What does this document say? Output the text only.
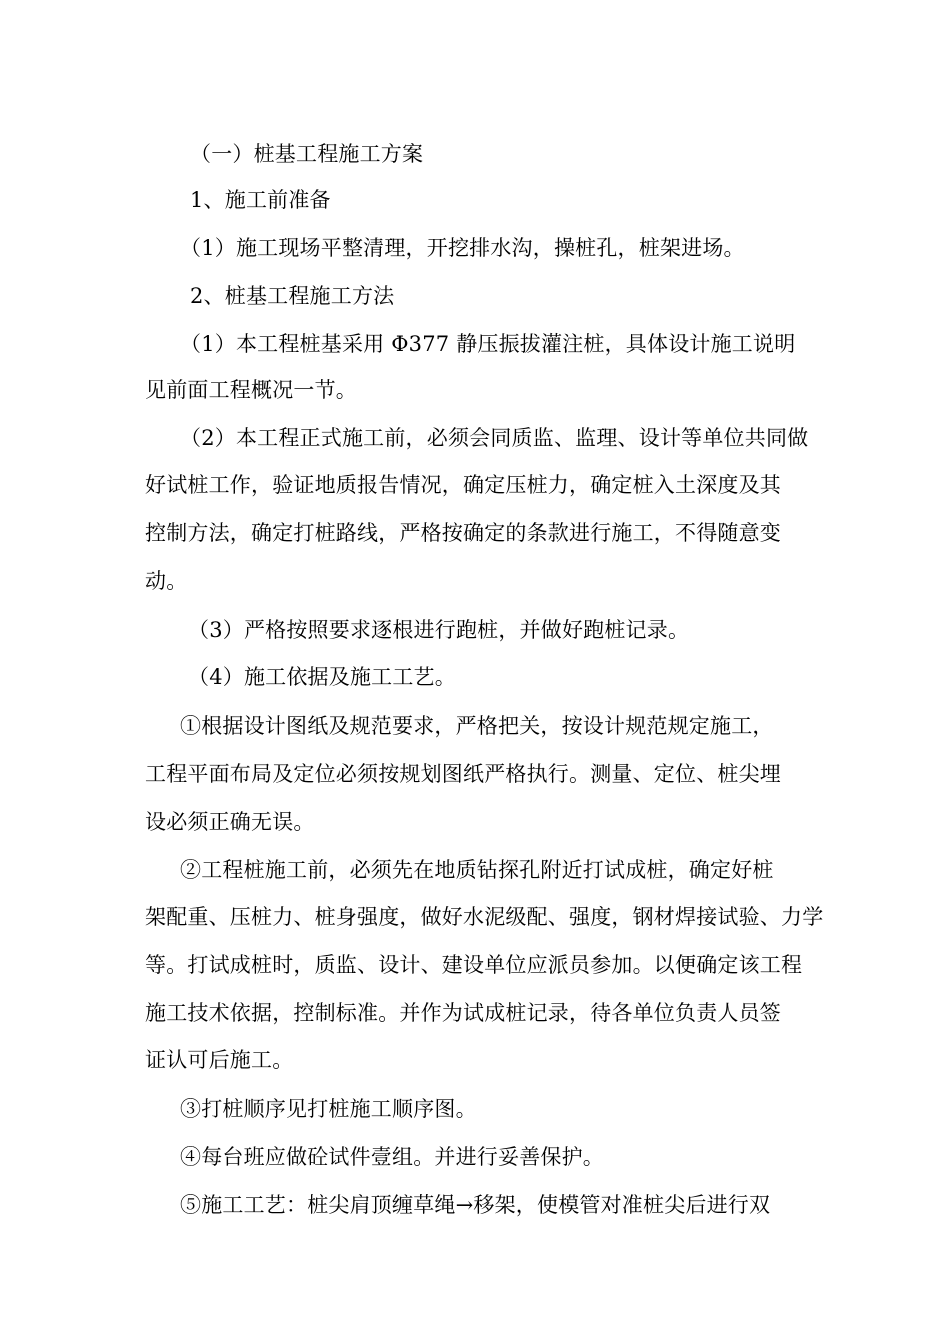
（一）桩基工程施工方案
1、施工前准备
（1）施工现场平整清理，开挖排水沟，操桩孔，桩架进场。
2、桩基工程施工方法
（1）本工程桩基采用 Φ377 静压振拔灌注桩，具体设计施工说明
见前面工程概况一节。
（2）本工程正式施工前，必须会同质监、监理、设计等单位共同做
好试桩工作，验证地质报告情况，确定压桩力，确定桩入土深度及其
控制方法，确定打桩路线，严格按确定的条款进行施工，不得随意变
动。
（3）严格按照要求逐根进行跑桩，并做好跑桩记录。
（4）施工依据及施工工艺。
①根据设计图纸及规范要求，严格把关，按设计规范规定施工，
工程平面布局及定位必须按规划图纸严格执行。测量、定位、桩尖埋
设必须正确无误。
②工程桩施工前，必须先在地质钻探孔附近打试成桩，确定好桩
架配重、压桩力、桩身强度，做好水泥级配、强度，钢材焊接试验、力学
等。打试成桩时，质监、设计、建设单位应派员参加。以便确定该工程
施工技术依据，控制标准。并作为试成桩记录，待各单位负责人员签
证认可后施工。
③打桩顺序见打桩施工顺序图。
④每台班应做砼试件壹组。并进行妥善保护。
⑤施工工艺：桩尖肩顶缠草绳→移架，使模管对准桩尖后进行双
